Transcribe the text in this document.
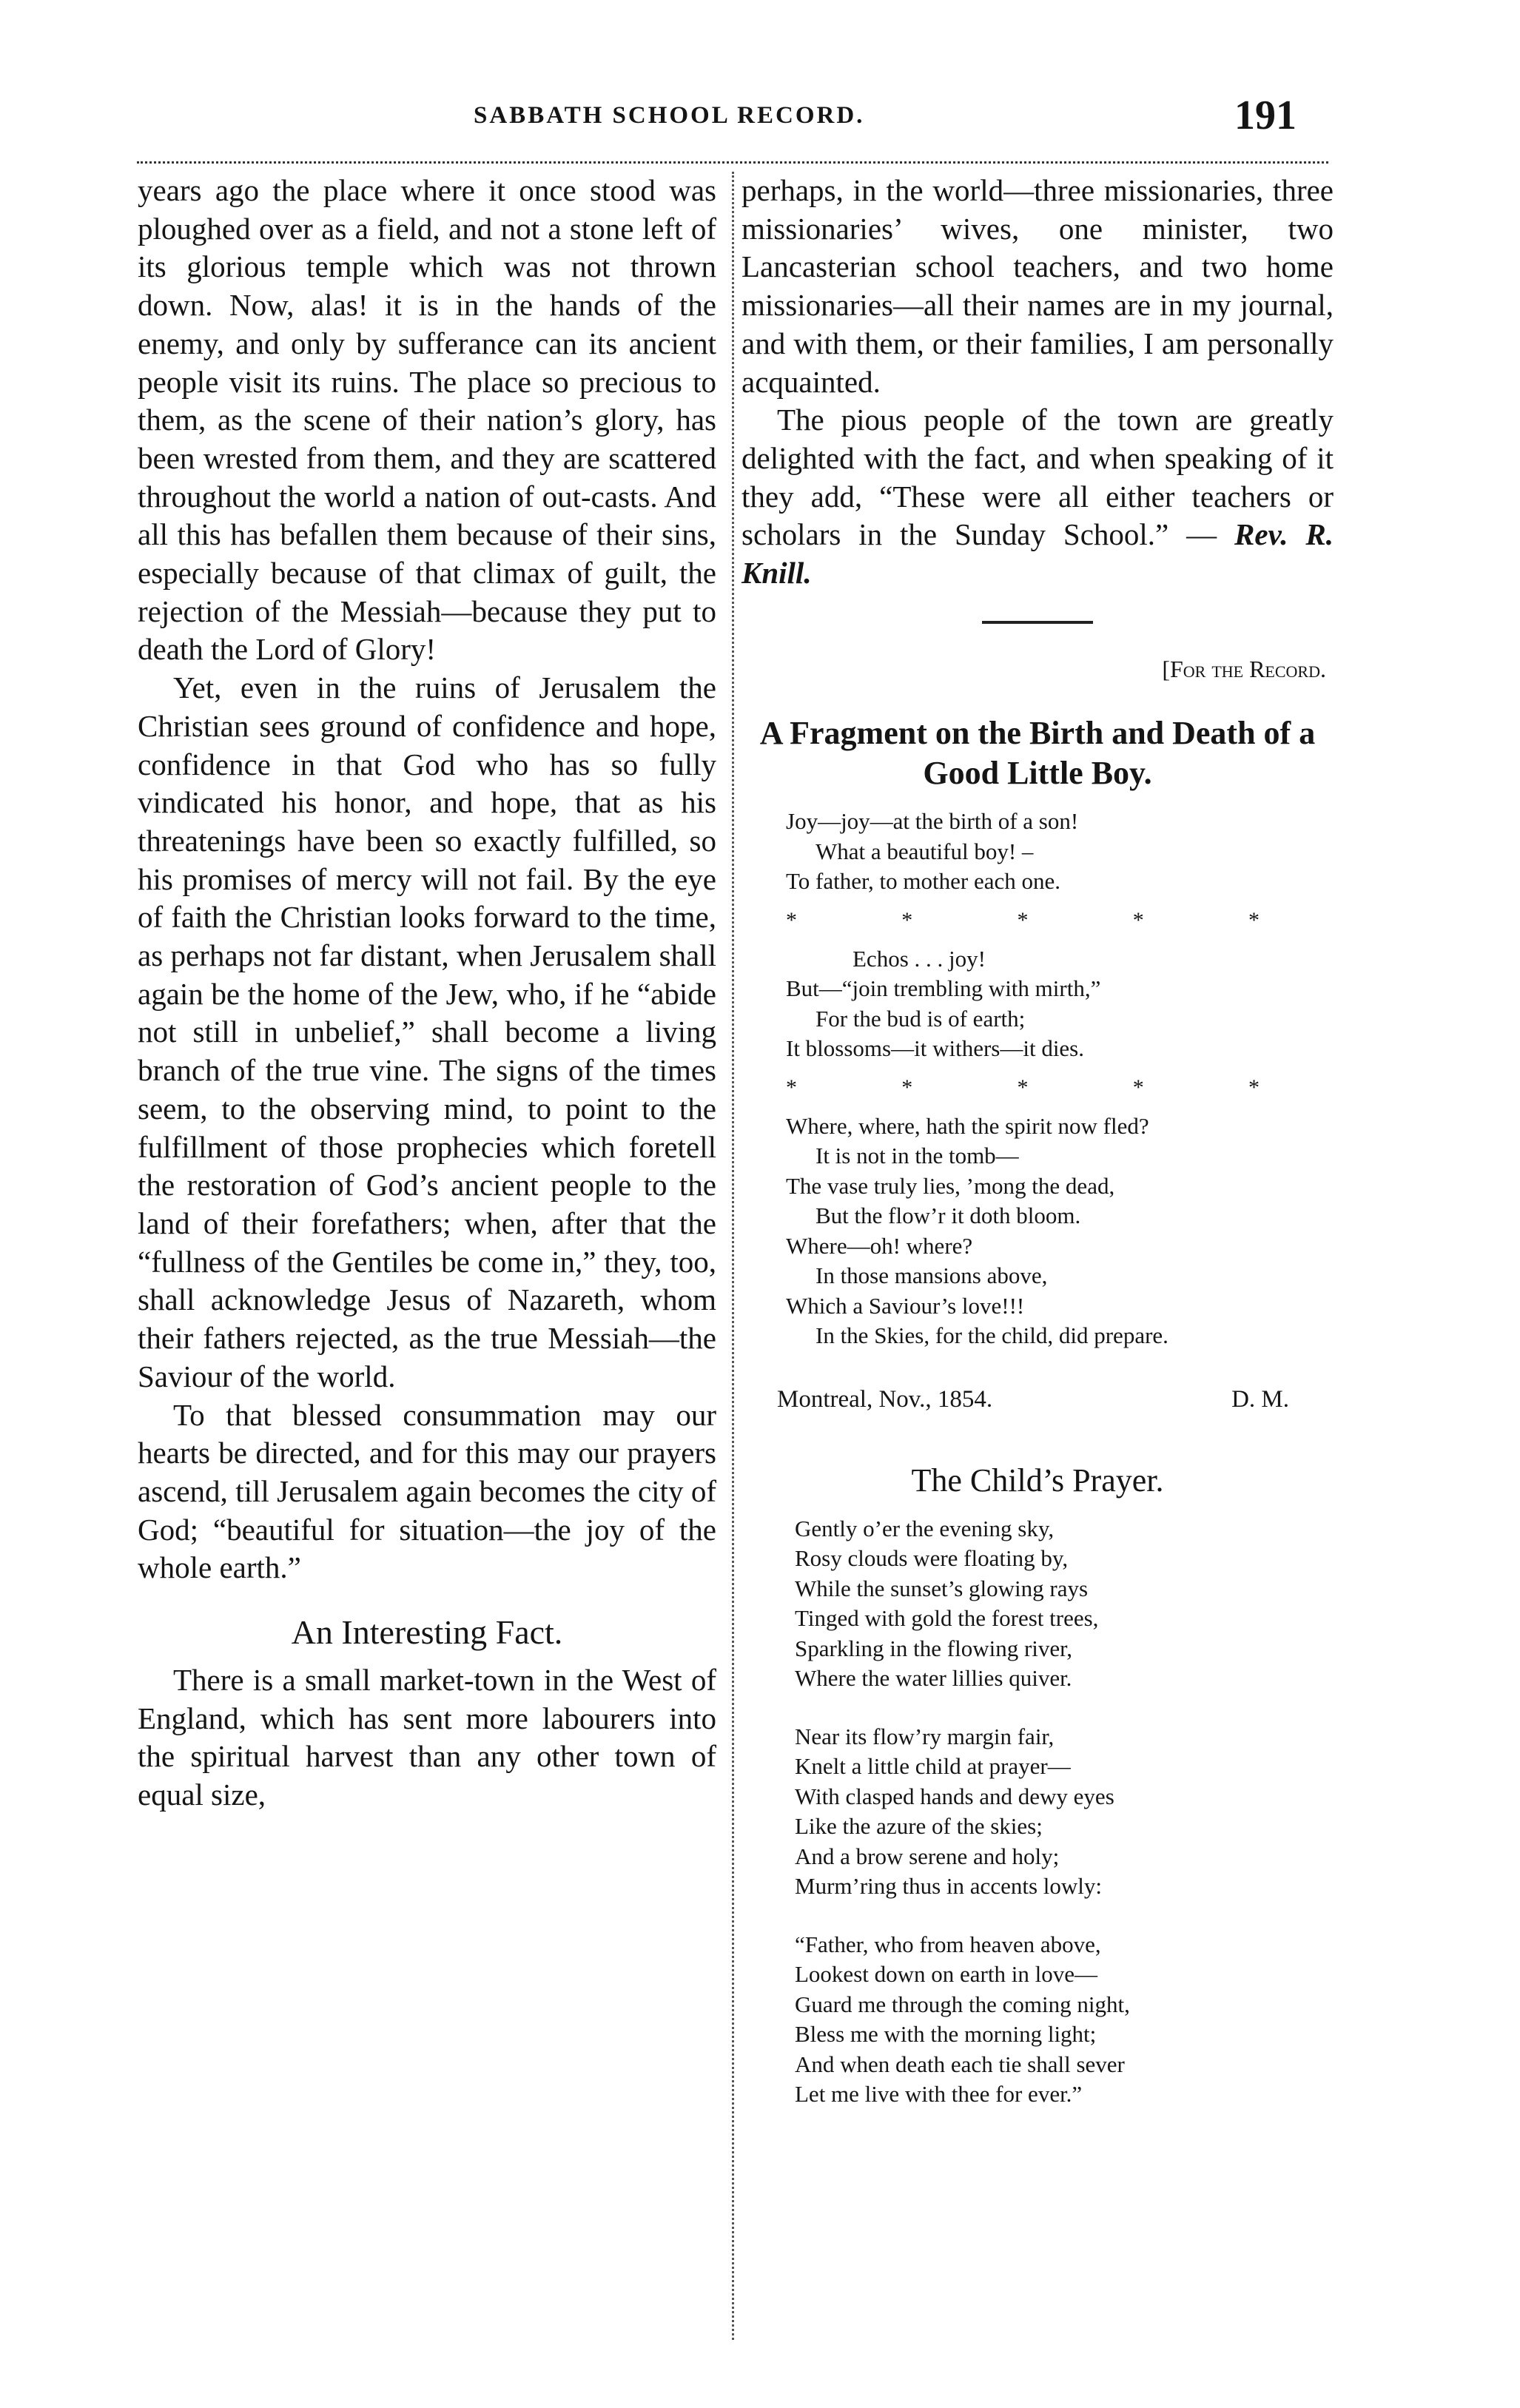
SABBATH SCHOOL RECORD.	191

years ago the place where it once stood was ploughed over as a field, and not a stone left of its glorious temple which was not thrown down. Now, alas! it is in the hands of the enemy, and only by sufferance can its ancient people visit its ruins. The place so precious to them, as the scene of their nation’s glory, has been wrested from them, and they are scattered throughout the world a nation of out-casts. And all this has befallen them because of their sins, especially because of that climax of guilt, the rejection of the Messiah—because they put to death the Lord of Glory!

Yet, even in the ruins of Jerusalem the Christian sees ground of confidence and hope, confidence in that God who has so fully vindicated his honor, and hope, that as his threatenings have been so exactly fulfilled, so his promises of mercy will not fail. By the eye of faith the Christian looks forward to the time, as perhaps not far distant, when Jerusalem shall again be the home of the Jew, who, if he “abide not still in unbelief,” shall become a living branch of the true vine. The signs of the times seem, to the observing mind, to point to the fulfillment of those prophecies which foretell the restoration of God’s ancient people to the land of their forefathers; when, after that the “fullness of the Gentiles be come in,” they, too, shall acknowledge Jesus of Nazareth, whom their fathers rejected, as the true Messiah—the Saviour of the world.

To that blessed consummation may our hearts be directed, and for this may our prayers ascend, till Jerusalem again becomes the city of God; “beautiful for situation—the joy of the whole earth.”

An Interesting Fact.

There is a small market-town in the West of England, which has sent more labourers into the spiritual harvest than any other town of equal size,

perhaps, in the world—three missionaries, three missionaries’ wives, one minister, two Lancasterian school teachers, and two home missionaries—all their names are in my journal, and with them, or their families, I am personally acquainted.

The pious people of the town are greatly delighted with the fact, and when speaking of it they add, “These were all either teachers or scholars in the Sunday School.” — Rev. R. Knill.

[For the Record.
A Fragment on the Birth and Death of a Good Little Boy.
Joy—joy—at the birth of a son!
What a beautiful boy! –
To father, to mother each one.
*	*	*	*	*
Echos . . . joy!
But—“join trembling with mirth,”
For the bud is of earth;
It blossoms—it withers—it dies.
*	*	*	*	*
Where, where, hath the spirit now fled?
It is not in the tomb—
The vase truly lies, ’mong the dead,
But the flow’r it doth bloom.
Where—oh! where?
In those mansions above,
Which a Saviour’s love!!!
In the Skies, for the child, did prepare.
Montreal, Nov., 1854.	D. M.
The Child’s Prayer.
Gently o’er the evening sky,
Rosy clouds were floating by,
While the sunset’s glowing rays
Tinged with gold the forest trees,
Sparkling in the flowing river,
Where the water lillies quiver.
Near its flow’ry margin fair,
Knelt a little child at prayer—
With clasped hands and dewy eyes
Like the azure of the skies;
And a brow serene and holy;
Murm’ring thus in accents lowly:
“Father, who from heaven above,
Lookest down on earth in love—
Guard me through the coming night,
Bless me with the morning light;
And when death each tie shall sever
Let me live with thee for ever.”
